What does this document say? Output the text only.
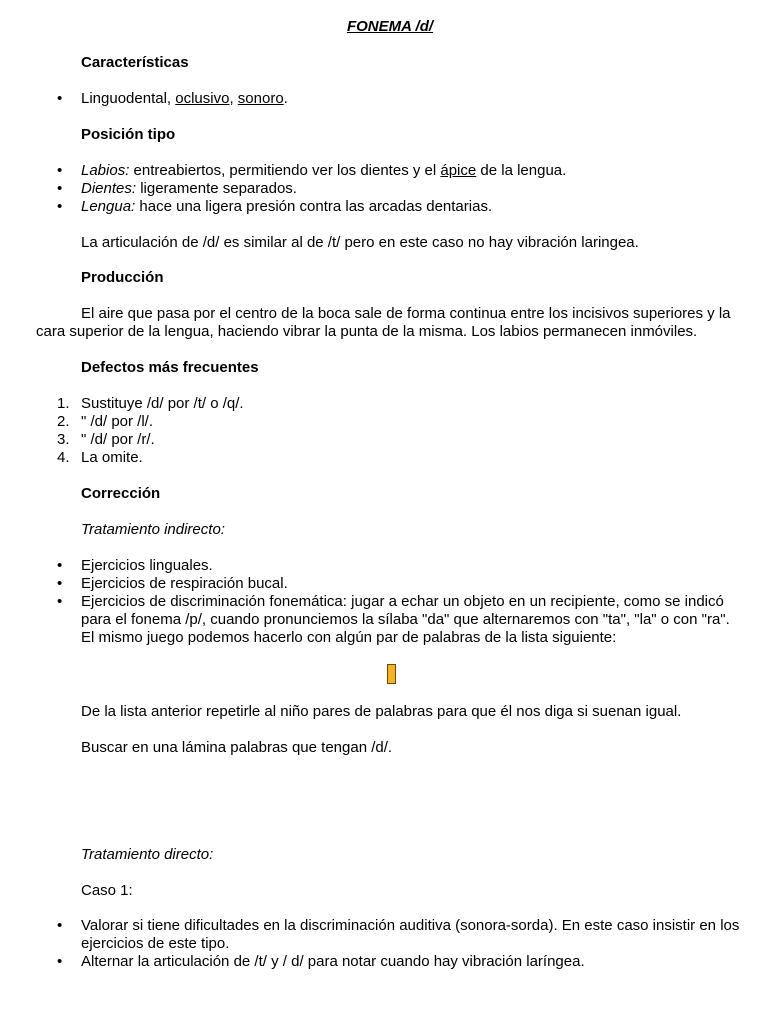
FONEMA /d/
Características
• Linguodental, oclusivo, sonoro.
Posición tipo
• Labios: entreabiertos, permitiendo ver los dientes y el ápice de la lengua.
• Dientes: ligeramente separados.
• Lengua: hace una ligera presión contra las arcadas dentarias.
La articulación de /d/ es similar al de /t/ pero en este caso no hay vibración laringea.
Producción
El aire que pasa por el centro de la boca sale de forma continua entre los incisivos superiores y la
cara superior de la lengua, haciendo vibrar la punta de la misma. Los labios permanecen inmóviles.
Defectos más frecuentes
1. Sustituye /d/ por /t/ o /q/.
2. " /d/ por /l/.
3. " /d/ por /r/.
4. La omite.
Corrección
Tratamiento indirecto:
• Ejercicios linguales.
• Ejercicios de respiración bucal.
• Ejercicios de discriminación fonemática: jugar a echar un objeto en un recipiente, como se indicó
para el fonema /p/, cuando pronunciemos la sílaba "da" que alternaremos con "ta", "la" o con "ra".
El mismo juego podemos hacerlo con algún par de palabras de la lista siguiente:
De la lista anterior repetirle al niño pares de palabras para que él nos diga si suenan igual.
Buscar en una lámina palabras que tengan /d/.
Tratamiento directo:
Caso 1:
• Valorar si tiene dificultades en la discriminación auditiva (sonora-sorda). En este caso insistir en los
ejercicios de este tipo.
• Alternar la articulación de /t/ y / d/ para notar cuando hay vibración laríngea.
